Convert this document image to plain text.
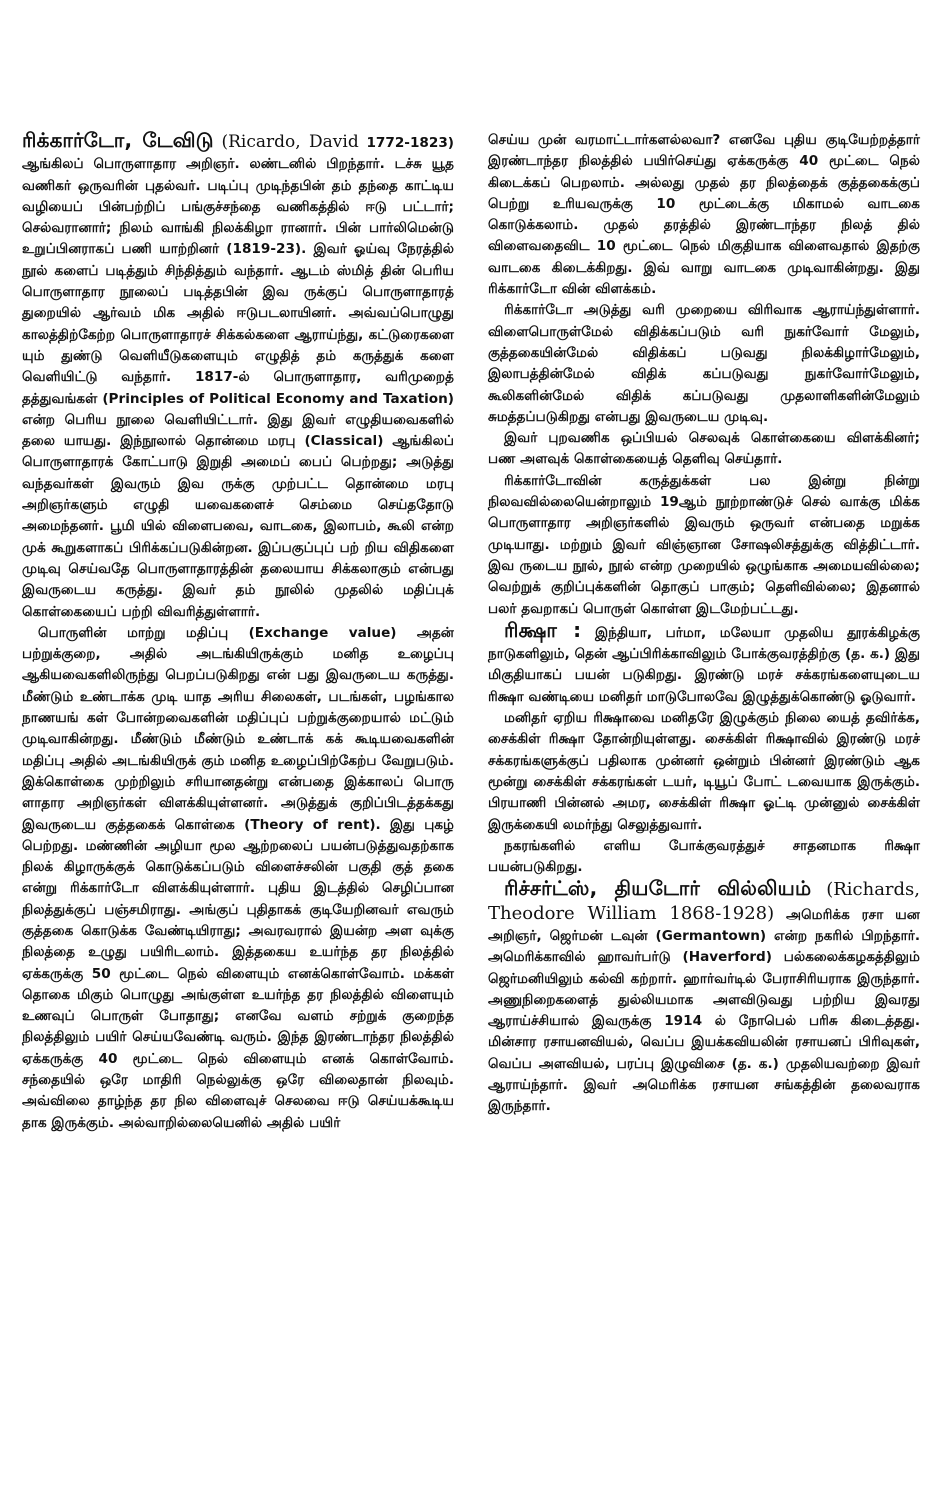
ரிக்கார்டோ, டேவிடு (Ricardo, David 1772-1823) ஆங்கிலப் பொருளாதார அறிஞர். லண்டனில் பிறந்தார். டச்சு யூத வணிகர் ஒருவரின் புதல்வர். படிப்பு முடிந்தபின் தம் தந்தை காட்டிய வழியைப் பின்பற்றிப் பங்குச்சந்தை வணிகத்தில் ஈடு பட்டார்; செல்வரானார்; நிலம் வாங்கி நிலக்கிழா ரானார். பின் பார்லிமென்டு உறுப்பினராகப் பணி யாற்றினர் (1819-23). இவர் ஓய்வு நேரத்தில் நூல் களைப் படித்தும் சிந்தித்தும் வந்தார். ஆடம் ஸ்மித் தின் பெரிய பொருளாதார நூலைப் படித்தபின் இவ ருக்குப் பொருளாதாரத் துறையில் ஆர்வம் மிக அதில் ஈடுபடலாயினர். அவ்வப்பொழுது காலத்திற்கேற்ற பொருளாதாரச் சிக்கல்களை ஆராய்ந்து, கட்டுரைகளை யும் துண்டு வெளியீடுகளையும் எழுதித் தம் கருத்துக் களை வெளியிட்டு வந்தார். 1817-ல் பொருளாதார, வரிமுறைத் தத்துவங்கள் (Principles of Political Economy and Taxation) என்ற பெரிய நூலை வெளியிட்டார். இது இவர் எழுதியவைகளில் தலை யாயது. இந்நூலால் தொன்மை மரபு (Classical) ஆங்கிலப் பொருளாதாரக் கோட்பாடு இறுதி அமைப் பைப் பெற்றது; அடுத்து வந்தவர்கள் இவரும் இவ ருக்கு முற்பட்ட தொன்மை மரபு அறிஞர்களும் எழுதி யவைகளைச் செம்மை செய்ததோடு அமைந்தனர். பூமி யில் விளைபவை, வாடகை, இலாபம், கூலி என்ற முக் கூறுகளாகப் பிரிக்கப்படுகின்றன. இப்பகுப்புப் பற் றிய விதிகளை முடிவு செய்வதே பொருளாதாரத்தின் தலையாய சிக்கலாகும் என்பது இவருடைய கருத்து. இவர் தம் நூலில் முதலில் மதிப்புக் கொள்கையைப் பற்றி விவரித்துள்ளார்.

பொருளின் மாற்று மதிப்பு (Exchange value) அதன் பற்றுக்குறை, அதில் அடங்கியிருக்கும் மனித உழைப்பு ஆகியவைகளிலிருந்து பெறப்படுகிறது என் பது இவருடைய கருத்து. மீண்டும் உண்டாக்க முடி யாத அரிய சிலைகள், படங்கள், பழங்கால நாணயங் கள் போன்றவைகளின் மதிப்புப் பற்றுக்குறையால் மட்டும் முடிவாகின்றது. மீண்டும் மீண்டும் உண்டாக் கக் கூடியவைகளின் மதிப்பு அதில் அடங்கியிருக் கும் மனித உழைப்பிற்கேற்ப வேறுபடும். இக்கொள்கை முற்றிலும் சரியானதன்று என்பதை இக்காலப் பொரு ளாதார அறிஞர்கள் விளக்கியுள்ளனர். அடுத்துக் குறிப்பிடத்தக்கது இவருடைய குத்தகைக் கொள்கை (Theory of rent). இது புகழ் பெற்றது. மண்ணின் அழியா மூல ஆற்றலைப் பயன்படுத்துவதற்காக நிலக் கிழாருக்குக் கொடுக்கப்படும் விளைச்சலின் பகுதி குத் தகை என்று ரிக்கார்டோ விளக்கியுள்ளார். புதிய இடத்தில் செழிப்பான நிலத்துக்குப் பஞ்சமிராது. அங்குப் புதிதாகக் குடியேறினவர் எவரும் குத்தகை கொடுக்க வேண்டியிராது; அவரவரால் இயன்ற அள வுக்கு நிலத்தை உழுது பயிரிடலாம். இத்தகைய உயர்ந்த தர நிலத்தில் ஏக்கருக்கு 50 மூட்டை நெல் விளையும் எனக்கொள்வோம். மக்கள் தொகை மிகும் பொழுது அங்குள்ள உயர்ந்த தர நிலத்தில் விளையும் உணவுப் பொருள் போதாது; எனவே வளம் சற்றுக் குறைந்த நிலத்திலும் பயிர் செய்யவேண்டி வரும். இந்த இரண்டாந்தர நிலத்தில் ஏக்கருக்கு 40 மூட்டை நெல் விளையும் எனக் கொள்வோம். சந்தையில் ஒரே மாதிரி நெல்லுக்கு ஒரே விலைதான் நிலவும். அவ்விலை தாழ்ந்த தர நில விளைவுச் செலவை ஈடு செய்யக்கூடிய தாக இருக்கும். அல்வாறில்லையெனில் அதில் பயிர்

செய்ய முன் வரமாட்டார்களல்லவா? எனவே புதிய குடியேற்றத்தார் இரண்டாந்தர நிலத்தில் பயிர்செய்து ஏக்கருக்கு 40 மூட்டை நெல் கிடைக்கப் பெறலாம். அல்லது முதல் தர நிலத்தைக் குத்தகைக்குப் பெற்று உரியவருக்கு 10 மூட்டைக்கு மிகாமல் வாடகை கொடுக்கலாம். முதல் தரத்தில் இரண்டாந்தர நிலத் தில் விளைவதைவிட 10 மூட்டை நெல் மிகுதியாக விளைவதால் இதற்கு வாடகை கிடைக்கிறது. இவ் வாறு வாடகை முடிவாகின்றது. இது ரிக்கார்டோ வின் விளக்கம்.

ரிக்கார்டோ அடுத்து வரி முறையை விரிவாக ஆராய்ந்துள்ளார். விளைபொருள்மேல் விதிக்கப்படும் வரி நுகர்வோர் மேலும், குத்தகையின்மேல் விதிக்கப் படுவது நிலக்கிழார்மேலும், இலாபத்தின்மேல் விதிக் கப்படுவது நுகர்வோர்மேலும், கூலிகளின்மேல் விதிக் கப்படுவது முதலாளிகளின்மேலும் சுமத்தப்படுகிறது என்பது இவருடைய முடிவு.

இவர் புறவணிக ஒப்பியல் செலவுக் கொள்கையை விளக்கினர்; பண அளவுக் கொள்கையைத் தெளிவு செய்தார்.

ரிக்கார்டோவின் கருத்துக்கள் பல இன்று நின்று நிலவவில்லையென்றாலும் 19ஆம் நூற்றாண்டுச் செல் வாக்கு மிக்க பொருளாதார அறிஞர்களில் இவரும் ஒருவர் என்பதை மறுக்க முடியாது. மற்றும் இவர் விஞ்ஞான சோஷலிசத்துக்கு வித்திட்டார். இவ ருடைய நூல், நூல் என்ற முறையில் ஒழுங்காக அமையவில்லை; வெற்றுக் குறிப்புக்களின் தொகுப் பாகும்; தெளிவில்லை; இதனால் பலர் தவறாகப் பொருள் கொள்ள இடமேற்பட்டது.

ரிக்ஷா : இந்தியா, பர்மா, மலேயா முதலிய தூரக்கிழக்கு நாடுகளிலும், தென் ஆப்பிரிக்காவிலும் போக்குவரத்திற்கு (த. க.) இது மிகுதியாகப் பயன் படுகிறது. இரண்டு மரச் சக்கரங்களையுடைய ரிக்ஷா வண்டியை மனிதர் மாடுபோலவே இழுத்துக்கொண்டு ஓடுவார்.

மனிதர் ஏறிய ரிக்ஷாவை மனிதரே இழுக்கும் நிலை யைத் தவிர்க்க, சைக்கிள் ரிக்ஷா தோன்றியுள்ளது. சைக்கிள் ரிக்ஷாவில் இரண்டு மரச் சக்கரங்களுக்குப் பதிலாக முன்னர் ஒன்றும் பின்னர் இரண்டும் ஆக மூன்று சைக்கிள் சக்கரங்கள் டயர், டியூப் போட் டவையாக இருக்கும். பிரயாணி பின்னல் அமர, சைக்கிள் ரிக்ஷா ஓட்டி முன்னுல் சைக்கிள் இருக்கையி லமர்ந்து செலுத்துவார்.

நகரங்களில் எளிய போக்குவரத்துச் சாதனமாக ரிக்ஷா பயன்படுகிறது.

ரிச்சர்ட்ஸ், தியடோர் வில்லியம் (Richards, Theodore William 1868-1928) அமெரிக்க ரசா யன அறிஞர், ஜெர்மன் டவுன் (Germantown) என்ற நகரில் பிறந்தார். அமெரிக்காவில் ஹாவர்பர்டு (Haverford) பல்கலைக்கழகத்திலும் ஜெர்மனியிலும் கல்வி கற்றார். ஹார்வர்டில் பேராசிரியராக இருந்தார். அணுநிறைகளைத் துல்லியமாக அளவிடுவது பற்றிய இவரது ஆராய்ச்சியால் இவருக்கு 1914 ல் நோபெல் பரிசு கிடைத்தது. மின்சார ரசாயனவியல், வெப்ப இயக்கவியலின் ரசாயனப் பிரிவுகள், வெப்ப அளவியல், பரப்பு இழுவிசை (த. க.) முதலியவற்றை இவர் ஆராய்ந்தார். இவர் அமெரிக்க ரசாயன சங்கத்தின் தலைவராக இருந்தார்.
